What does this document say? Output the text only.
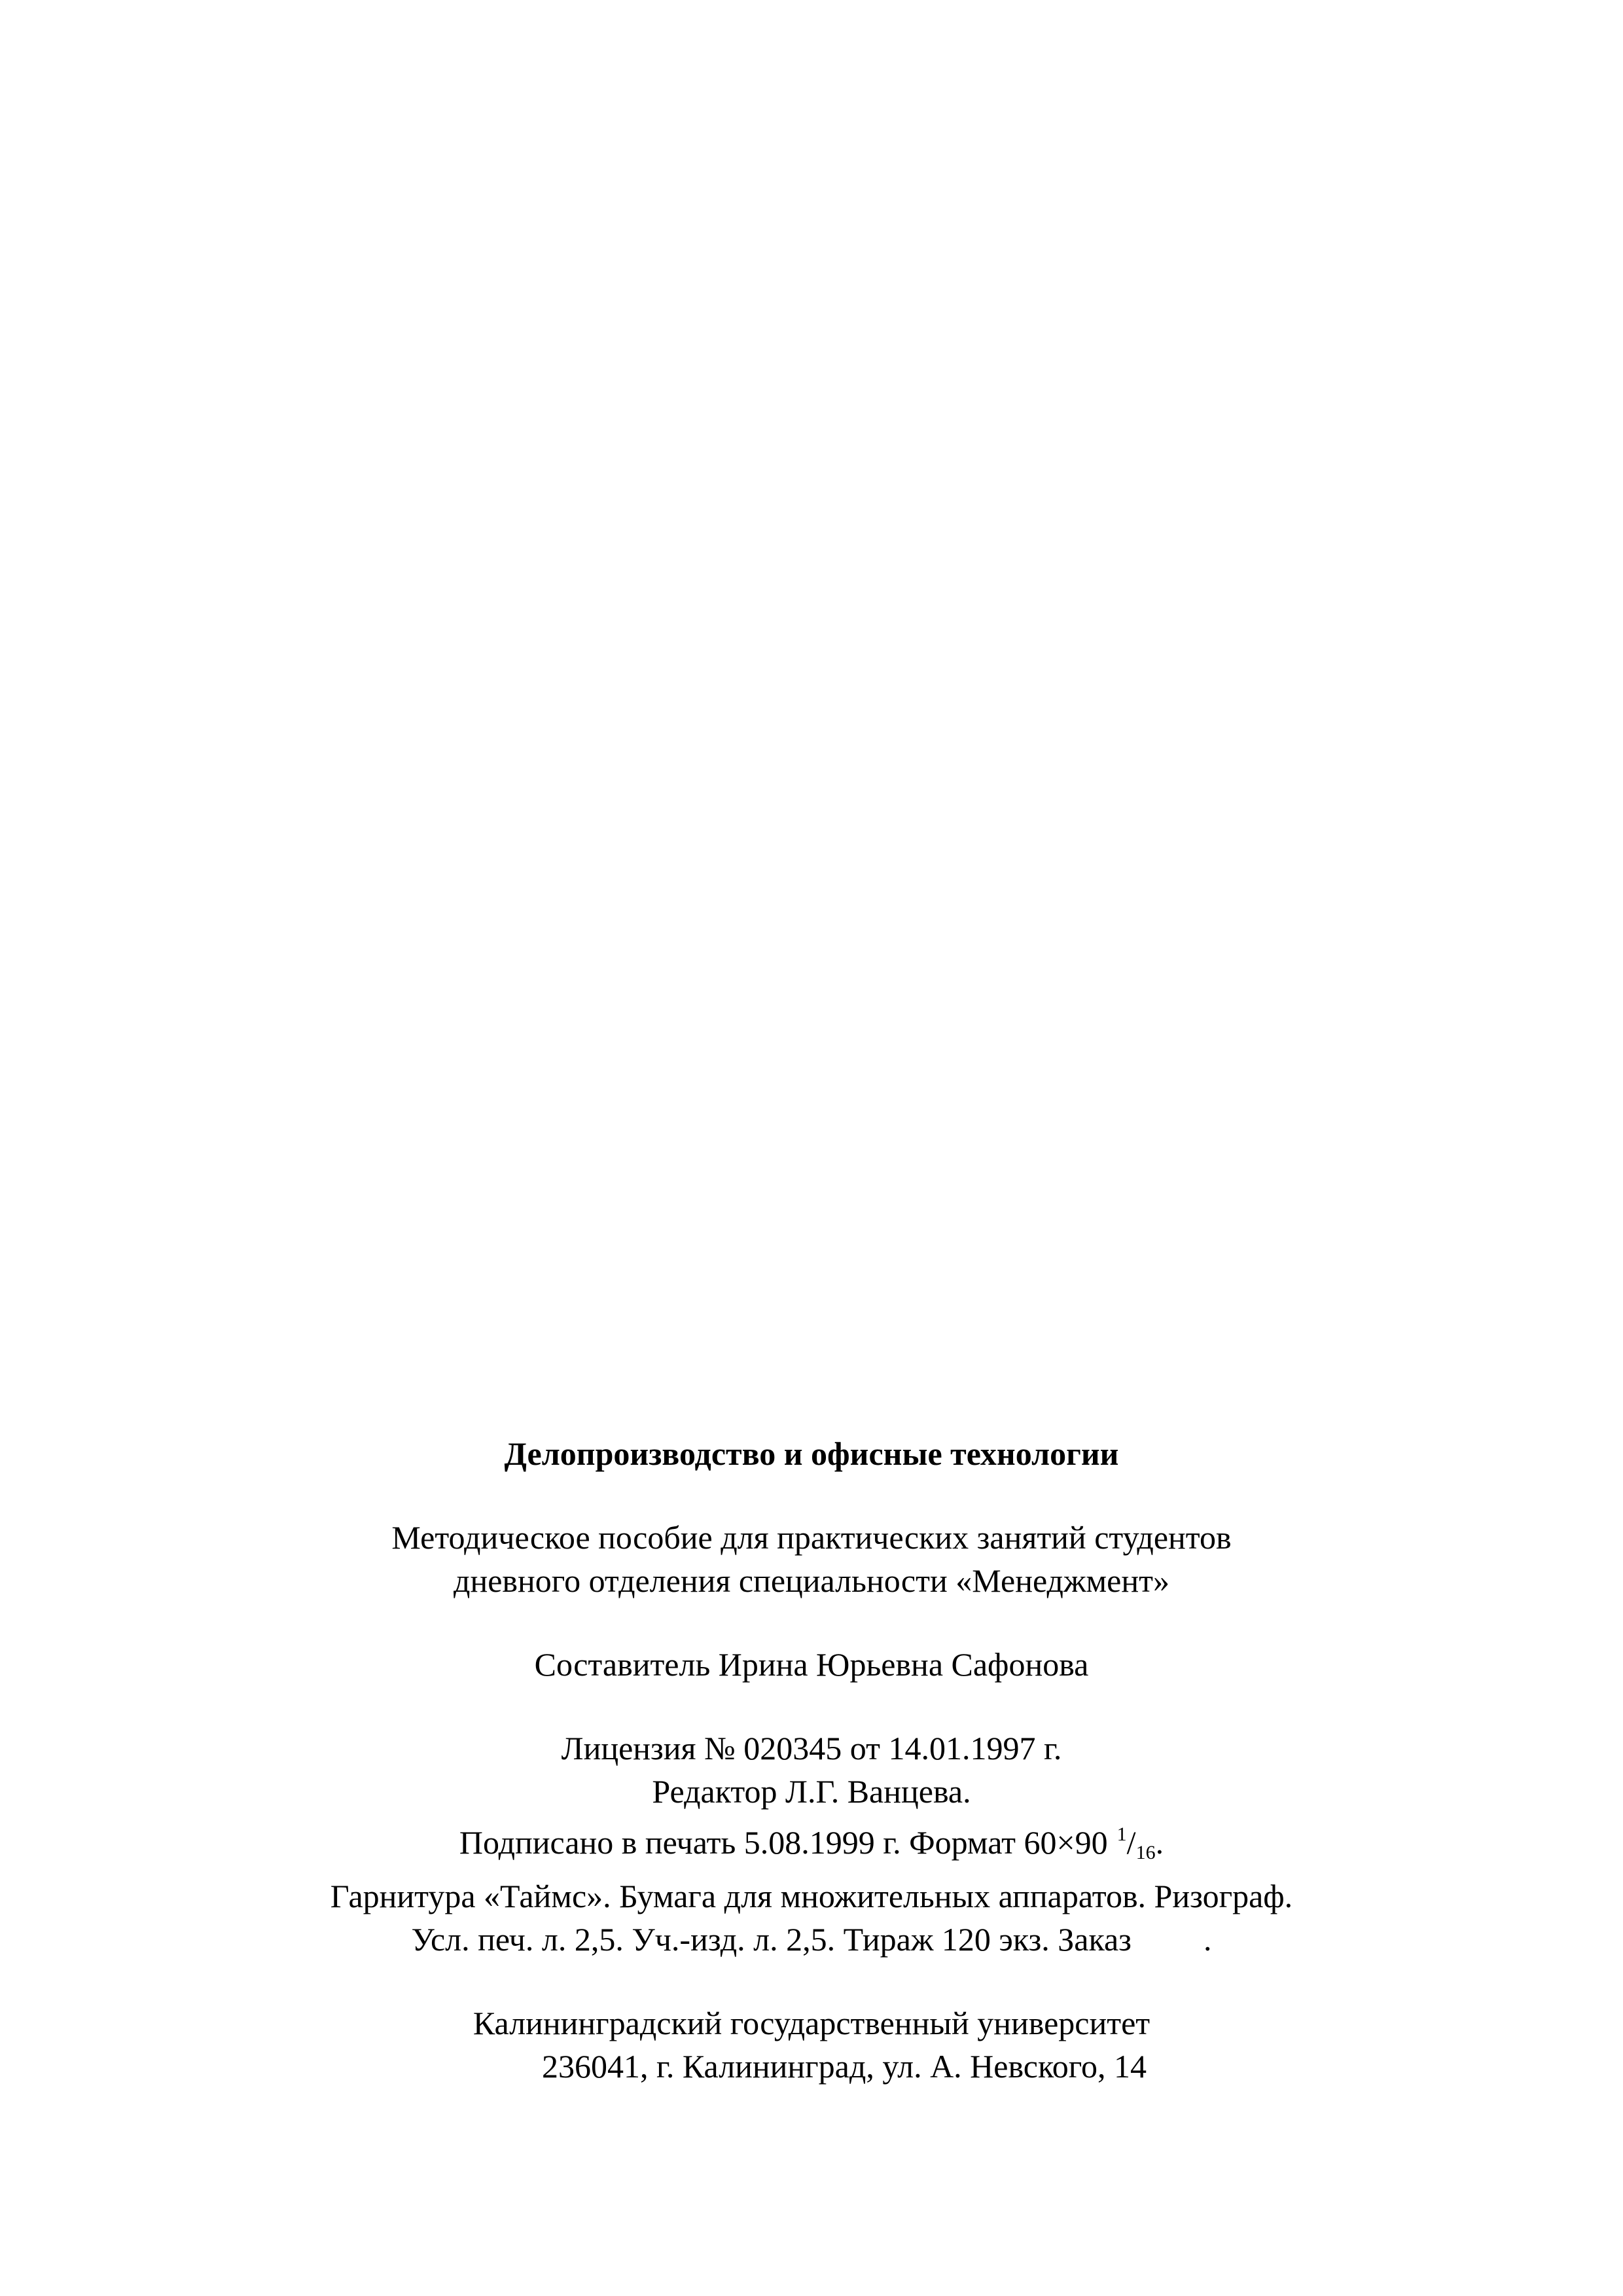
Делопроизводство и офисные технологии

Методическое пособие для практических занятий студентов
дневного отделения специальности «Менеджмент»

Составитель Ирина Юрьевна Сафонова

Лицензия № 020345 от 14.01.1997 г.
Редактор Л.Г. Ванцева.
Подписано в печать 5.08.1999 г. Формат 60×90 $^1$/16.
Гарнитура «Таймс». Бумага для множительных аппаратов. Ризограф.
Усл. печ. л. 2,5. Уч.-изд. л. 2,5. Тираж 120 экз. Заказ .
Калининградский государственный университет
236041, г. Калининград, ул. А. Невского, 14
